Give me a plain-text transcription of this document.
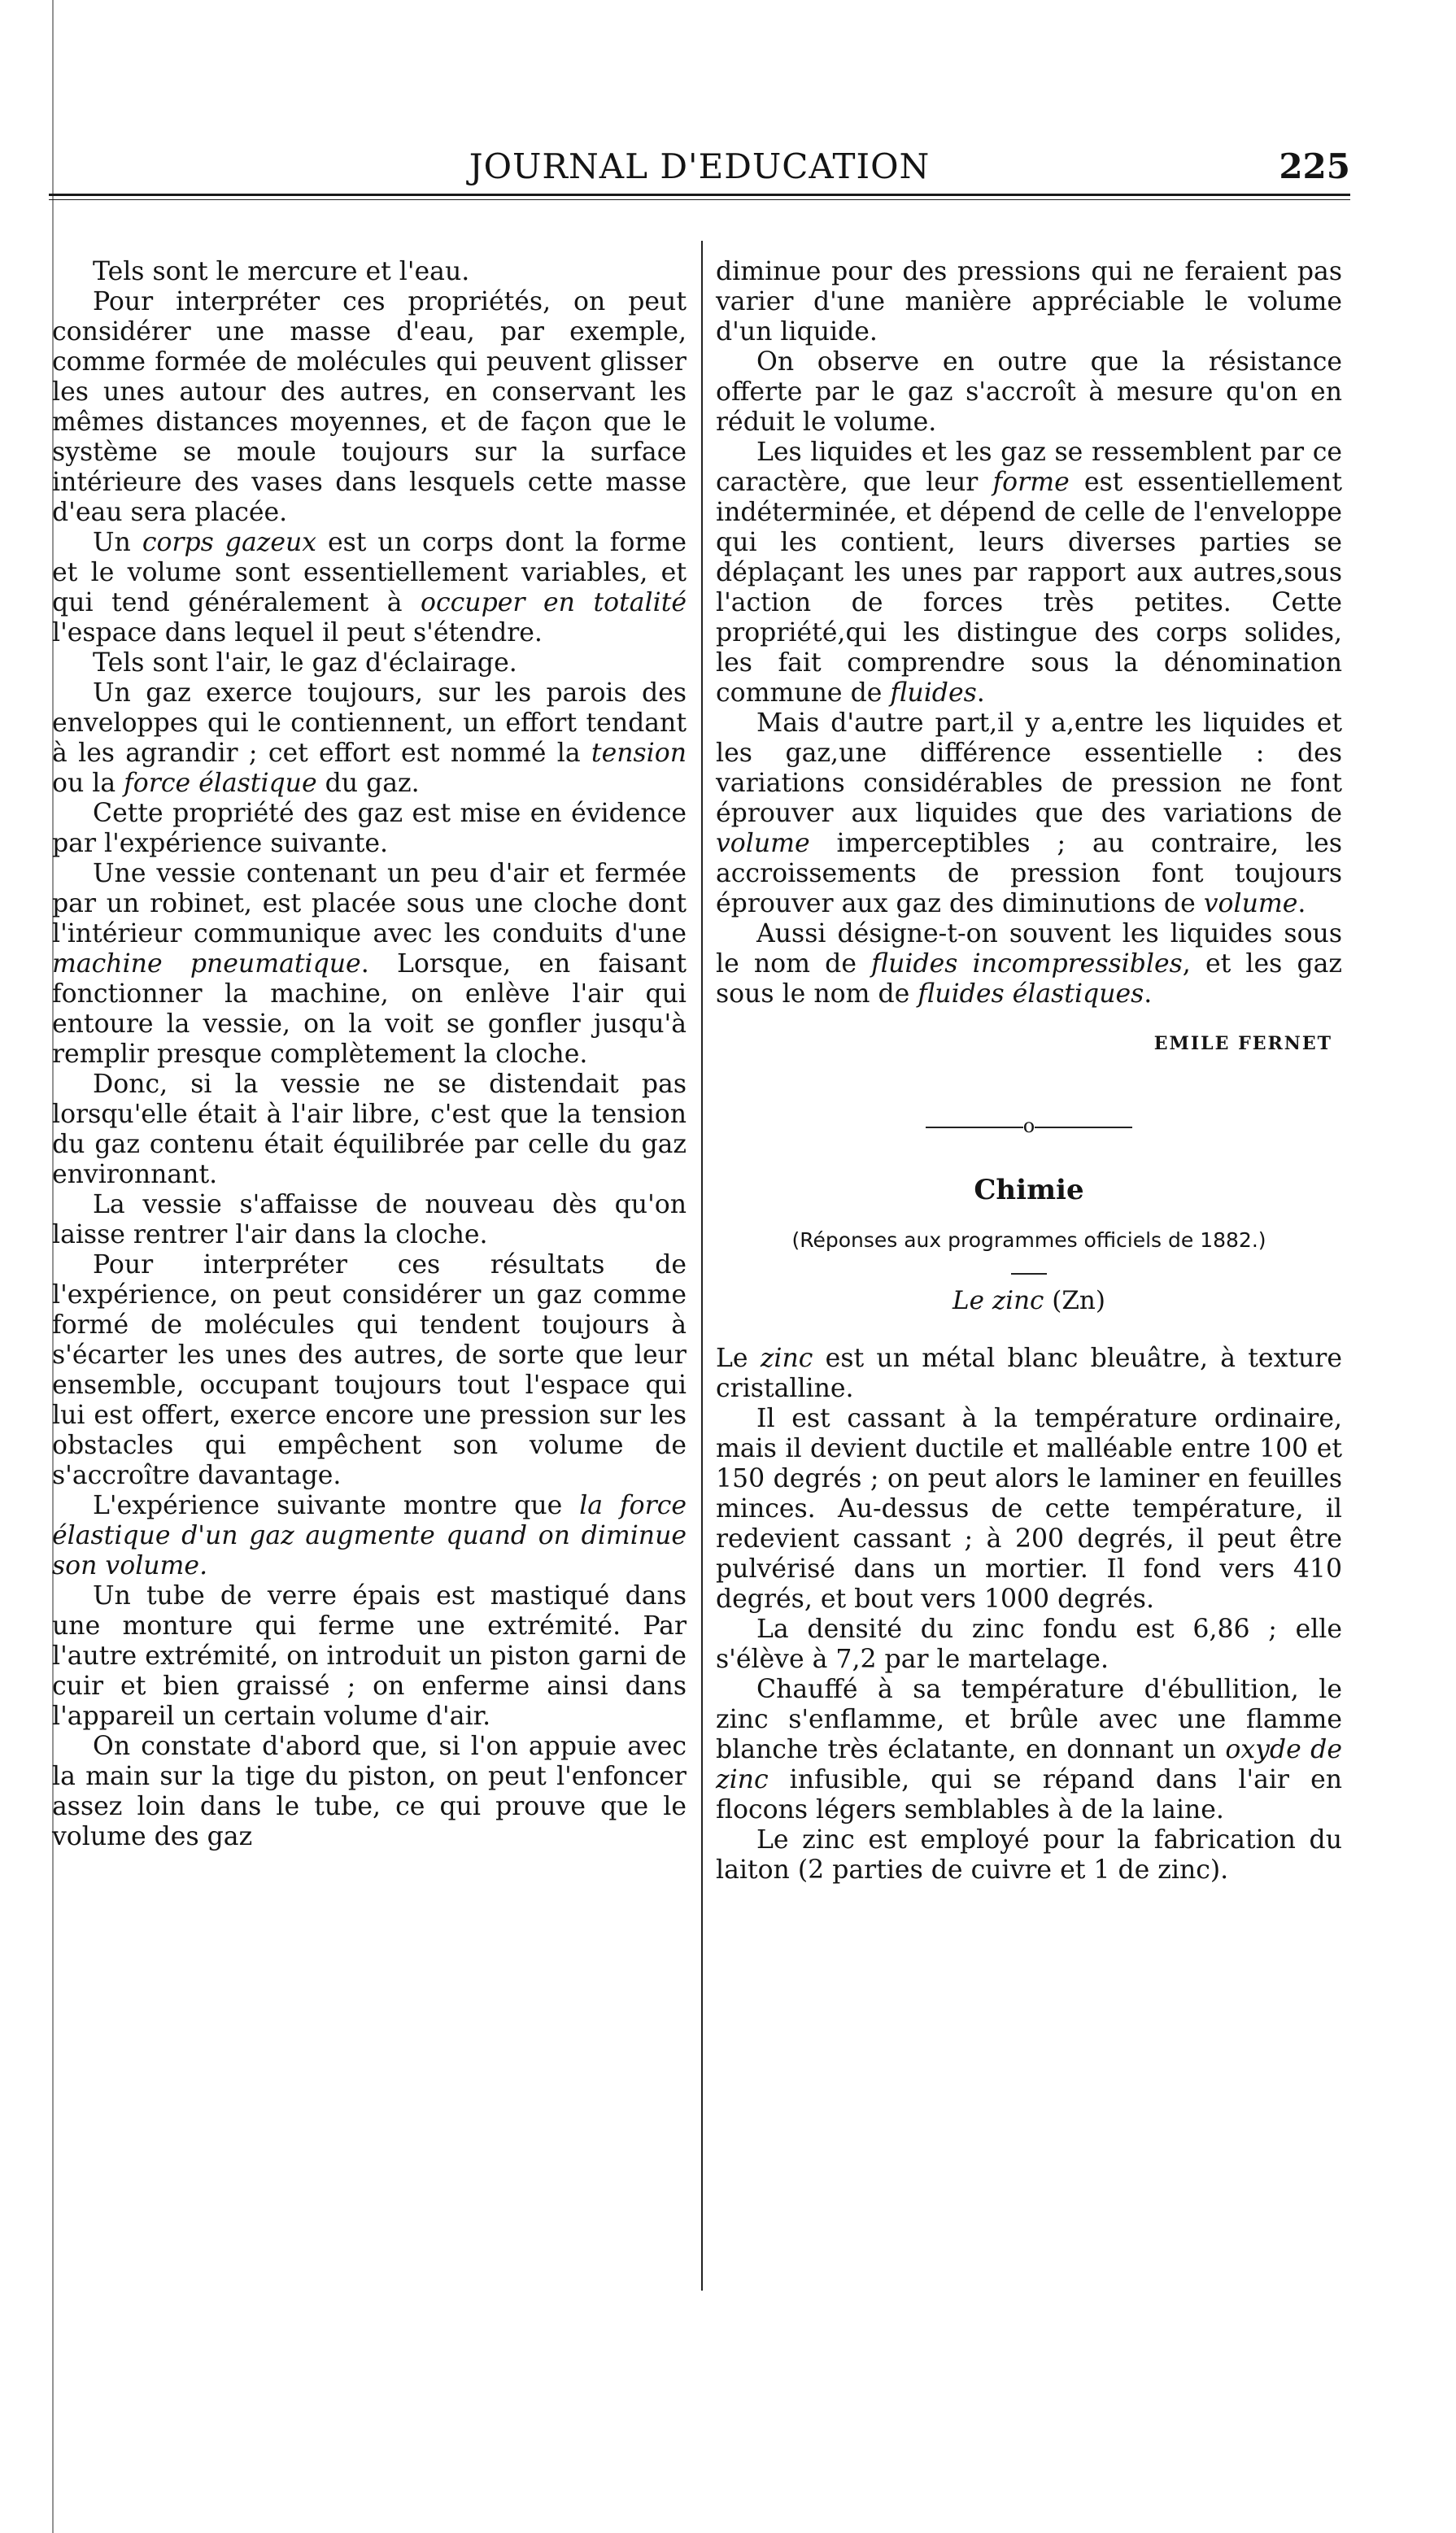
JOURNAL D'EDUCATION	225

Tels sont le mercure et l'eau.

Pour interpréter ces propriétés, on peut considérer une masse d'eau, par exemple, comme formée de molécules qui peuvent glisser les unes autour des autres, en conservant les mêmes distances moyennes, et de façon que le système se moule toujours sur la surface intérieure des vases dans lesquels cette masse d'eau sera placée.

Un corps gazeux est un corps dont la forme et le volume sont essentiellement variables, et qui tend généralement à occuper en totalité l'espace dans lequel il peut s'étendre.

Tels sont l'air, le gaz d'éclairage.

Un gaz exerce toujours, sur les parois des enveloppes qui le contiennent, un effort tendant à les agrandir ; cet effort est nommé la tension ou la force élastique du gaz.

Cette propriété des gaz est mise en évidence par l'expérience suivante.

Une vessie contenant un peu d'air et fermée par un robinet, est placée sous une cloche dont l'intérieur communique avec les conduits d'une machine pneumatique. Lorsque, en faisant fonctionner la machine, on enlève l'air qui entoure la vessie, on la voit se gonfler jusqu'à remplir presque complètement la cloche.

Donc, si la vessie ne se distendait pas lorsqu'elle était à l'air libre, c'est que la tension du gaz contenu était équilibrée par celle du gaz environnant.

La vessie s'affaisse de nouveau dès qu'on laisse rentrer l'air dans la cloche.

Pour interpréter ces résultats de l'expérience, on peut considérer un gaz comme formé de molécules qui tendent toujours à s'écarter les unes des autres, de sorte que leur ensemble, occupant toujours tout l'espace qui lui est offert, exerce encore une pression sur les obstacles qui empêchent son volume de s'accroître davantage.

L'expérience suivante montre que la force élastique d'un gaz augmente quand on diminue son volume.

Un tube de verre épais est mastiqué dans une monture qui ferme une extrémité. Par l'autre extrémité, on introduit un piston garni de cuir et bien graissé ; on enferme ainsi dans l'appareil un certain volume d'air.

On constate d'abord que, si l'on appuie avec la main sur la tige du piston, on peut l'enfoncer assez loin dans le tube, ce qui prouve que le volume des gaz

diminue pour des pressions qui ne feraient pas varier d'une manière appréciable le volume d'un liquide.

On observe en outre que la résistance offerte par le gaz s'accroît à mesure qu'on en réduit le volume.

Les liquides et les gaz se ressemblent par ce caractère, que leur forme est essentiellement indéterminée, et dépend de celle de l'enveloppe qui les contient, leurs diverses parties se déplaçant les unes par rapport aux autres,sous l'action de forces très petites. Cette propriété,qui les distingue des corps solides, les fait comprendre sous la dénomination commune de fluides.

Mais d'autre part,il y a,entre les liquides et les gaz,une différence essentielle : des variations considérables de pression ne font éprouver aux liquides que des variations de volume imperceptibles ; au contraire, les accroissements de pression font toujours éprouver aux gaz des diminutions de volume.

Aussi désigne-t-on souvent les liquides sous le nom de fluides incompressibles, et les gaz sous le nom de fluides élastiques.

EMILE FERNET
o
Chimie
(Réponses aux programmes officiels de 1882.)
Le zinc (Zn)

Le zinc est un métal blanc bleuâtre, à texture cristalline.

Il est cassant à la température ordinaire, mais il devient ductile et malléable entre 100 et 150 degrés ; on peut alors le laminer en feuilles minces. Au-dessus de cette température, il redevient cassant ; à 200 degrés, il peut être pulvérisé dans un mortier. Il fond vers 410 degrés, et bout vers 1000 degrés.

La densité du zinc fondu est 6,86 ; elle s'élève à 7,2 par le martelage.

Chauffé à sa température d'ébullition, le zinc s'enflamme, et brûle avec une flamme blanche très éclatante, en donnant un oxyde de zinc infusible, qui se répand dans l'air en flocons légers semblables à de la laine.

Le zinc est employé pour la fabrication du laiton (2 parties de cuivre et 1 de zinc).
